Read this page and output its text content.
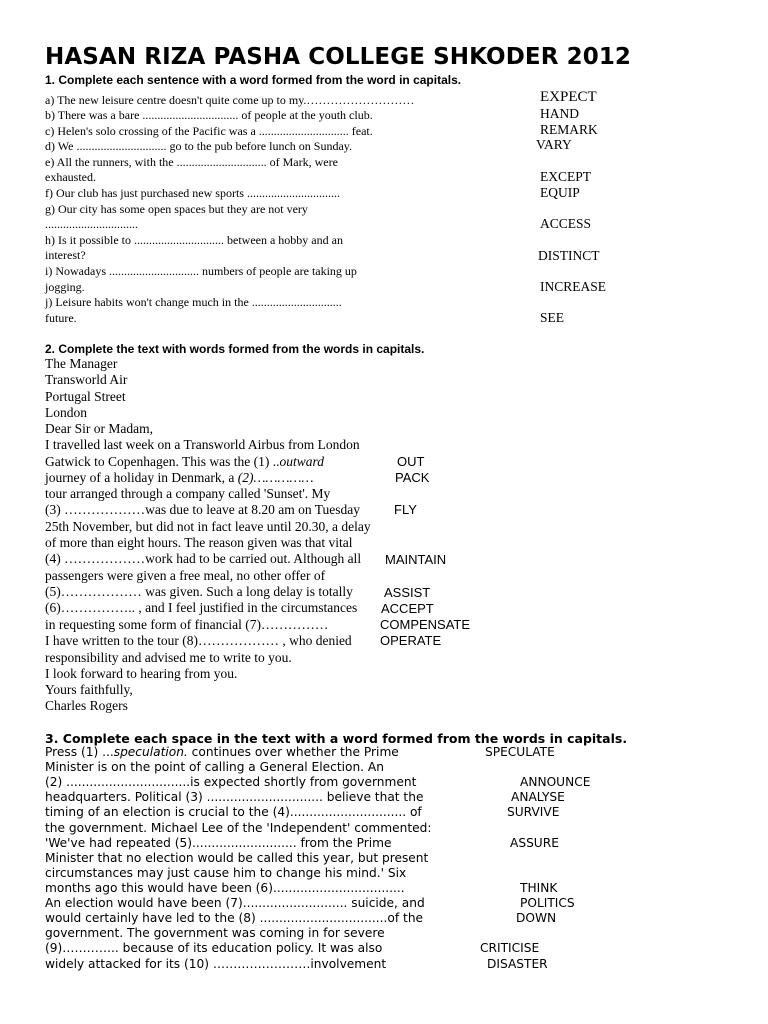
HASAN RIZA PASHA COLLEGE SHKODER 2012
1. Complete each sentence with a word formed from the word in capitals.
a) The new leisure centre doesn't quite come up to my.………………………
b) There was a bare ................................ of people at the youth club.
c) Helen's solo crossing of the Pacific was a .............................. feat.
d) We .............................. go to the pub before lunch on Sunday.
e) All the runners, with the .............................. of Mark, were
exhausted.
f) Our club has just purchased new sports ...............................
g) Our city has some open spaces but they are not very
...............................
h) Is it possible to .............................. between a hobby and an
interest?
i) Nowadays .............................. numbers of people are taking up
jogging.
j) Leisure habits won't change much in the ..............................
future.
EXPECT
HAND
REMARK
VARY
EXCEPT
EQUIP
ACCESS
DISTINCT
INCREASE
SEE
2. Complete the text with words formed from the words in capitals.
The Manager
Transworld Air
Portugal Street
London
Dear Sir or Madam,
I travelled last week on a Transworld Airbus from London
Gatwick to Copenhagen. This was the (1) ..outward
journey of a holiday in Denmark, a (2)……………
tour arranged through a company called 'Sunset'. My
(3) ………………was due to leave at 8.20 am on Tuesday
25th November, but did not in fact leave until 20.30, a delay
of more than eight hours. The reason given was that vital
(4) ………………work had to be carried out. Although all
passengers were given a free meal, no other offer of
(5)……………… was given. Such a long delay is totally
(6)…………….. , and I feel justified in the circumstances
in requesting some form of financial (7)……………
I have written to the tour (8)……………… , who denied
responsibility and advised me to write to you.
I look forward to hearing from you.
Yours faithfully,
Charles Rogers
OUT
PACK
FLY
MAINTAIN
ASSIST
ACCEPT
COMPENSATE
OPERATE
3. Complete each space in the text with a word formed from the words in capitals.
Press (1) ...speculation. continues over whether the Prime
Minister is on the point of calling a General Election. An
(2) ................................is expected shortly from government
headquarters. Political (3) .............................. believe that the
timing of an election is crucial to the (4).............................. of
the government. Michael Lee of the 'Independent' commented:
'We've had repeated (5)........................... from the Prime
Minister that no election would be called this year, but present
circumstances may just cause him to change his mind.' Six
months ago this would have been (6)..................................
An election would have been (7)........................... suicide, and
would certainly have led to the (8) .................................of the
government. The government was coming in for severe
(9)………….. because of its education policy. It was also
widely attacked for its (10) ……………………involvement
SPECULATE
ANNOUNCE
ANALYSE
SURVIVE
ASSURE
THINK
POLITICS
DOWN
CRITICISE
DISASTER
